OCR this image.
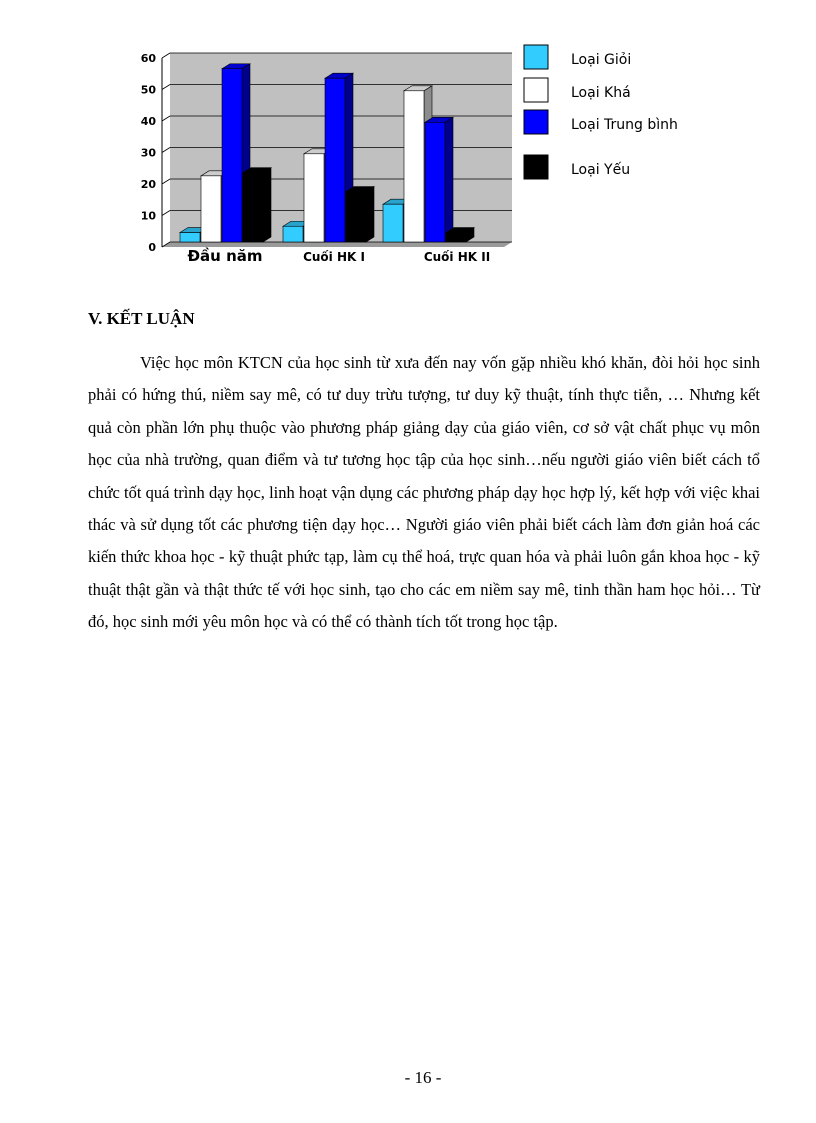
0
10
20
30
40
50
60
Đầu năm	Cuối HK I	Cuối HK II
Loại Giỏi
Loại Khá
Loại Trung bình
Loại Yếu
V. KẾT LUẬN

Việc học môn KTCN của học sinh từ xưa đến nay vốn gặp nhiều khó khăn, đòi hỏi học sinh phải có hứng thú, niềm say mê, có tư duy trừu tượng, tư duy kỹ thuật, tính thực tiễn, … Nhưng kết quả còn phần lớn phụ thuộc vào phương pháp giảng dạy của giáo viên, cơ sở vật chất phục vụ môn học của nhà trường, quan điểm và tư tương học tập của học sinh…nếu người giáo viên biết cách tổ chức tốt quá trình dạy học, linh hoạt vận dụng các phương pháp dạy học hợp lý, kết hợp với việc khai thác và sử dụng tốt các phương tiện dạy học… Người giáo viên phải biết cách làm đơn giản hoá các kiến thức khoa học - kỹ thuật phức tạp, làm cụ thể hoá, trực quan hóa và phải luôn gắn khoa học - kỹ thuật thật gần và thật thức tế với học sinh, tạo cho các em niềm say mê, tinh thần ham học hỏi… Từ đó, học sinh mới yêu môn học và có thể có thành tích tốt trong học tập.

- 16 -
